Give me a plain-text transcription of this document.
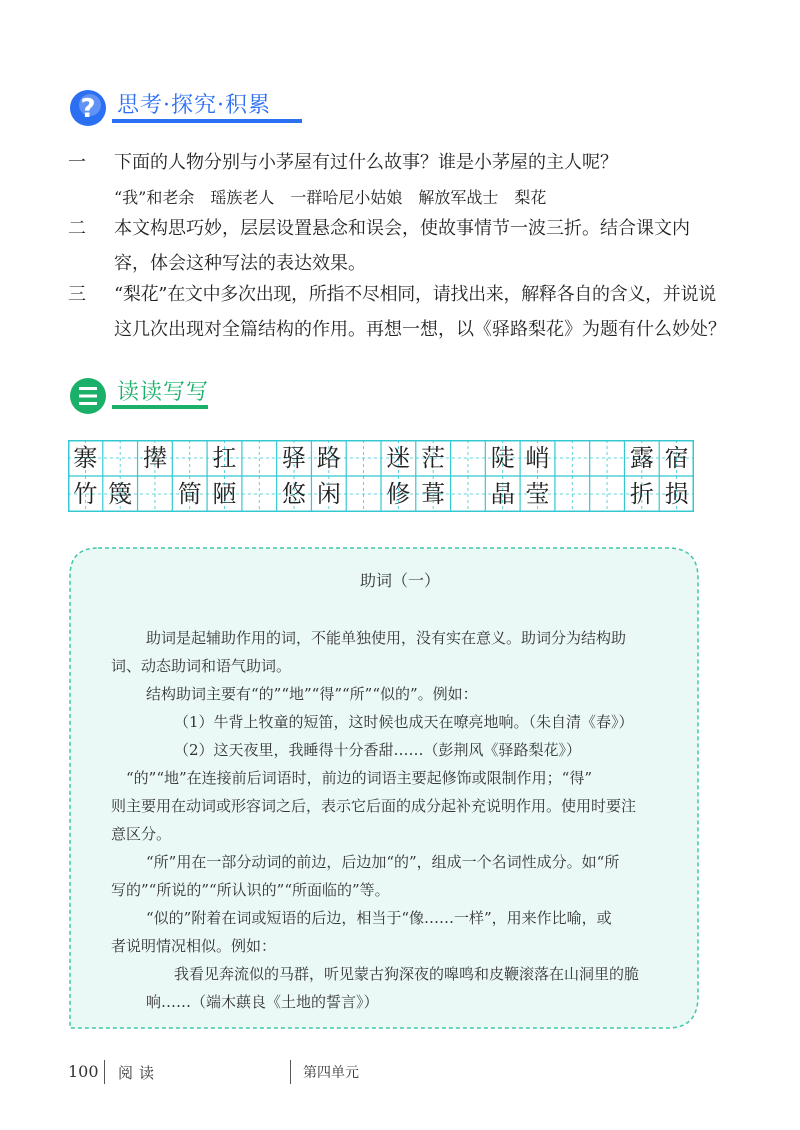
? 思考·探究·积累
一	下面的人物分别与小茅屋有过什么故事？谁是小茅屋的主人呢？
“我”和老余　瑶族老人　一群哈尼小姑娘　解放军战士　梨花
二	本文构思巧妙，层层设置悬念和误会，使故事情节一波三折。结合课文内
容，体会这种写法的表达效果。
三	“梨花”在文中多次出现，所指不尽相同，请找出来，解释各自的含义，并说说
这几次出现对全篇结构的作用。再想一想，以《驿路梨花》为题有什么妙处？
读读写写
寨 撵 扛 驿 路 迷 茫 陡 峭	露 宿
竹 篾 简 陋 悠 闲 修 葺 晶 莹	折 损
助词（一）
助词是起辅助作用的词，不能单独使用，没有实在意义。助词分为结构助
词、动态助词和语气助词。
结构助词主要有“的”“地”“得”“所”“似的”。例如：
（1）牛背上牧童的短笛，这时候也成天在嘹亮地响。（朱自清《春》）
（2）这天夜里，我睡得十分香甜……（彭荆风《驿路梨花》）
“的”“地”在连接前后词语时，前边的词语主要起修饰或限制作用；“得”
则主要用在动词或形容词之后，表示它后面的成分起补充说明作用。使用时要注
意区分。
“所”用在一部分动词的前边，后边加“的”，组成一个名词性成分。如“所
写的”“所说的”“所认识的”“所面临的”等。
“似的”附着在词或短语的后边，相当于“像……一样”，用来作比喻，或
者说明情况相似。例如：
我看见奔流似的马群，听见蒙古狗深夜的嗥鸣和皮鞭滚落在山洞里的脆
响……（端木蕻良《土地的誓言》）
100 阅读	第四单元
